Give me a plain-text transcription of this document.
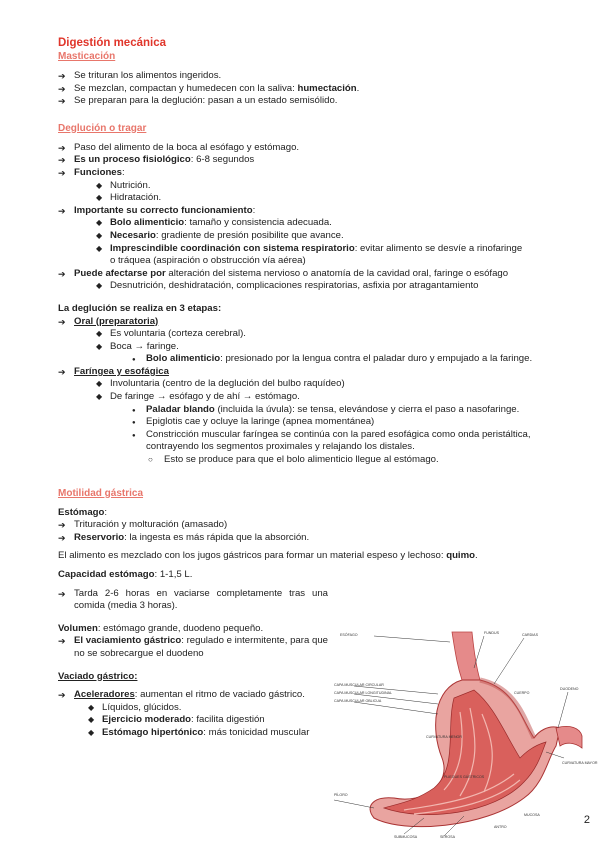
Digestión mecánica

Masticación

➔ Se trituran los alimentos ingeridos.
➔ Se mezclan, compactan y humedecen con la saliva: humectación.
➔ Se preparan para la deglución: pasan a un estado semisólido.

Deglución o tragar

➔ Paso del alimento de la boca al esófago y estómago.
➔ Es un proceso fisiológico: 6-8 segundos
➔ Funciones:
◆ Nutrición.
◆ Hidratación.
➔ Importante su correcto funcionamiento:
◆ Bolo alimenticio: tamaño y consistencia adecuada.
◆ Necesario: gradiente de presión posibilite que avance.
◆ Imprescindible coordinación con sistema respiratorio: evitar alimento se desvíe a rinofaringe
o tráquea (aspiración o obstrucción vía aérea)
➔ Puede afectarse por alteración del sistema nervioso o anatomía de la cavidad oral, faringe o esófago
◆ Desnutrición, deshidratación, complicaciones respiratorias, asfixia por atragantamiento
La deglución se realiza en 3 etapas:
➔ Oral (preparatoria)
◆ Es voluntaria (corteza cerebral).
◆ Boca → faringe.
● Bolo alimenticio: presionado por la lengua contra el paladar duro y empujado a la faringe.
➔ Faríngea y esofágica
◆ Involuntaria (centro de la deglución del bulbo raquídeo)
◆ De faringe → esófago y de ahí → estómago.
● Paladar blando (incluida la úvula): se tensa, elevándose y cierra el paso a nasofaringe.
● Epiglotis cae y ocluye la laringe (apnea momentánea)
● Constricción muscular faríngea se continúa con la pared esofágica como onda peristáltica,
contrayendo los segmentos proximales y relajando los distales.
○ Esto se produce para que el bolo alimenticio llegue al estómago.

Motilidad gástrica

Estómago:
➔ Trituración y molturación (amasado)
➔ Reservorio: la ingesta es más rápida que la absorción.
El alimento es mezclado con los jugos gástricos para formar un material espeso y lechoso: quimo.
Capacidad estómago: 1-1,5 L.
➔ Tarda 2-6 horas en vaciarse completamente tras una comida (media 3 horas).
Volumen: estómago grande, duodeno pequeño.
➔ El vaciamiento gástrico: regulado e intermitente, para que no se sobrecargue el duodeno
Vaciado gástrico:
➔ Aceleradores: aumentan el ritmo de vaciado gástrico.
◆ Líquidos, glúcidos.
◆ Ejercicio moderado: facilita digestión
◆ Estómago hipertónico: más tonicidad muscular
ESÓFAGO	FUNDUS	CARDIAS
CAPA MUSCULAR CIRCULAR
CAPA MUSCULAR LONGITUDINAL
CAPA MUSCULAR OBLICUA
DUODENO
CURVATURA MAYOR
PÍLORO
SUBMUCOSA	SEROSA
CURVATURA MENOR
ANTRO
CUERPO
MUCOSA
PLIEGUES GÁSTRICOS
2
